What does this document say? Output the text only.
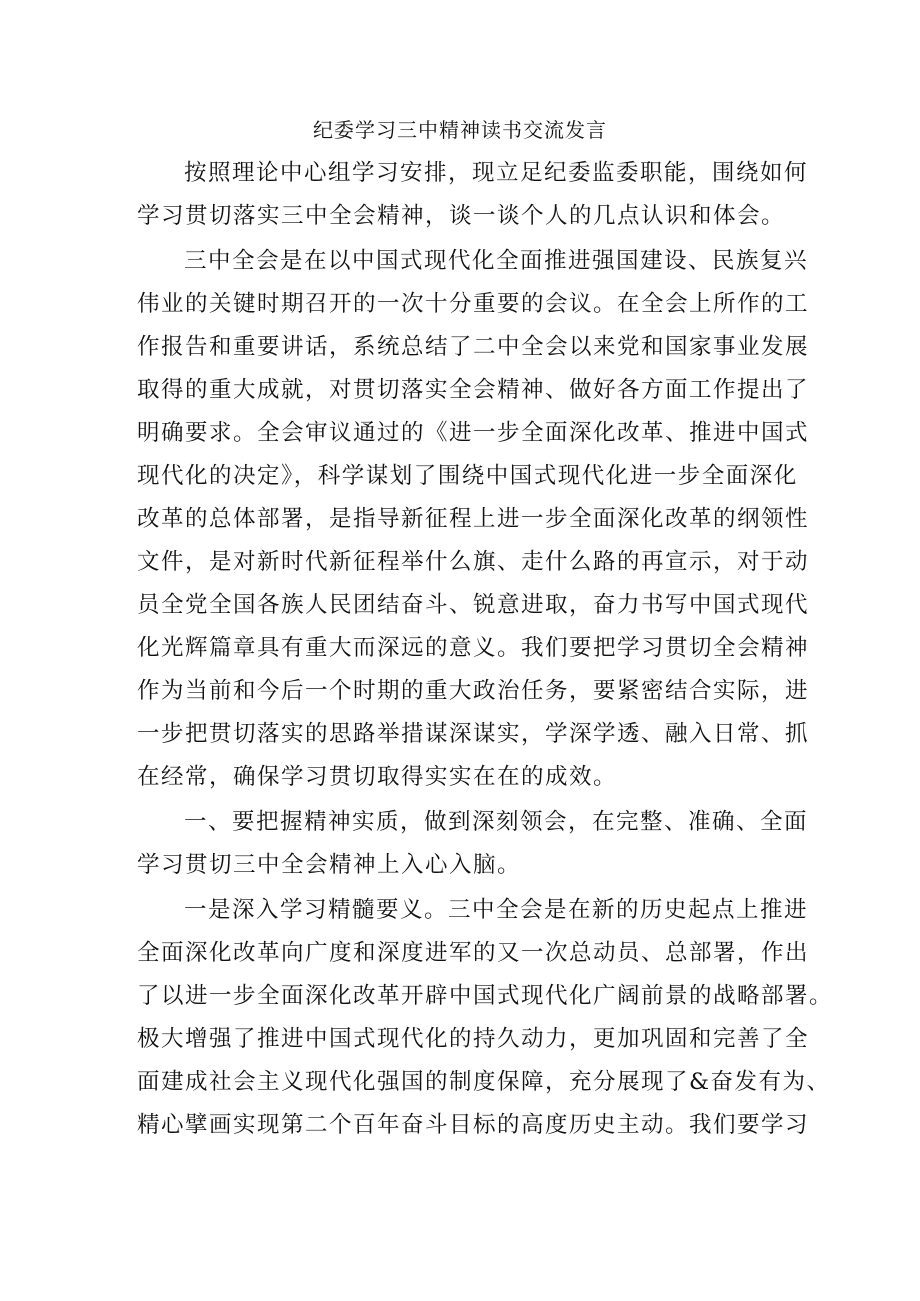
纪委学习三中精神读书交流发言
按照理论中心组学习安排，现立足纪委监委职能，围绕如何
学习贯切落实三中全会精神，谈一谈个人的几点认识和体会。
三中全会是在以中国式现代化全面推进强国建设、民族复兴
伟业的关键时期召开的一次十分重要的会议。在全会上所作的工
作报告和重要讲话，系统总结了二中全会以来党和国家事业发展
取得的重大成就，对贯切落实全会精神、做好各方面工作提出了
明确要求。全会审议通过的《进一步全面深化改革、推进中国式
现代化的决定》，科学谋划了围绕中国式现代化进一步全面深化
改革的总体部署，是指导新征程上进一步全面深化改革的纲领性
文件，是对新时代新征程举什么旗、走什么路的再宣示，对于动
员全党全国各族人民团结奋斗、锐意进取，奋力书写中国式现代
化光辉篇章具有重大而深远的意义。我们要把学习贯切全会精神
作为当前和今后一个时期的重大政治任务，要紧密结合实际，进
一步把贯切落实的思路举措谋深谋实，学深学透、融入日常、抓
在经常，确保学习贯切取得实实在在的成效。
一、要把握精神实质，做到深刻领会，在完整、准确、全面
学习贯切三中全会精神上入心入脑。
一是深入学习精髓要义。三中全会是在新的历史起点上推进
全面深化改革向广度和深度进军的又一次总动员、总部署，作出
了以进一步全面深化改革开辟中国式现代化广阔前景的战略部署。
极大增强了推进中国式现代化的持久动力，更加巩固和完善了全
面建成社会主义现代化强国的制度保障，充分展现了&奋发有为、
精心擘画实现第二个百年奋斗目标的高度历史主动。我们要学习
